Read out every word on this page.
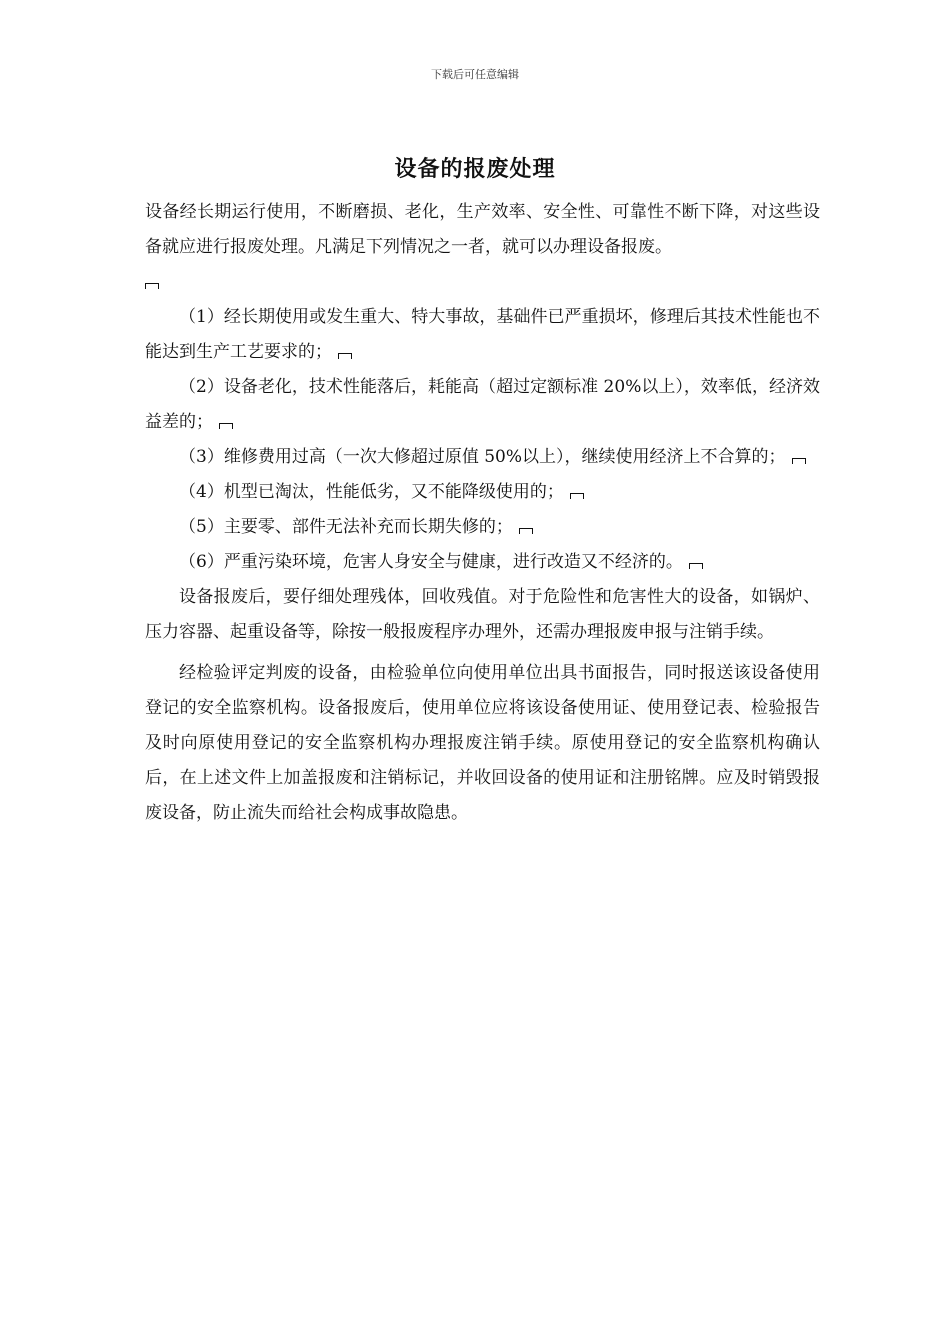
下载后可任意编辑
设备的报废处理

设备经长期运行使用，不断磨损、老化，生产效率、安全性、可靠性不断下降，对这些设备就应进行报废处理。凡满足下列情况之一者，就可以办理设备报废。

（1）经长期使用或发生重大、特大事故，基础件已严重损坏，修理后其技术性能也不能达到生产工艺要求的；

（2）设备老化，技术性能落后，耗能高（超过定额标准 20%以上），效率低，经济效益差的；

（3）维修费用过高（一次大修超过原值 50%以上），继续使用经济上不合算的；

（4）机型已淘汰，性能低劣，又不能降级使用的；

（5）主要零、部件无法补充而长期失修的；

（6）严重污染环境，危害人身安全与健康，进行改造又不经济的。

设备报废后，要仔细处理残体，回收残值。对于危险性和危害性大的设备，如锅炉、压力容器、起重设备等，除按一般报废程序办理外，还需办理报废申报与注销手续。

经检验评定判废的设备，由检验单位向使用单位出具书面报告，同时报送该设备使用登记的安全监察机构。设备报废后，使用单位应将该设备使用证、使用登记表、检验报告及时向原使用登记的安全监察机构办理报废注销手续。原使用登记的安全监察机构确认后，在上述文件上加盖报废和注销标记，并收回设备的使用证和注册铭牌。应及时销毁报废设备，防止流失而给社会构成事故隐患。
